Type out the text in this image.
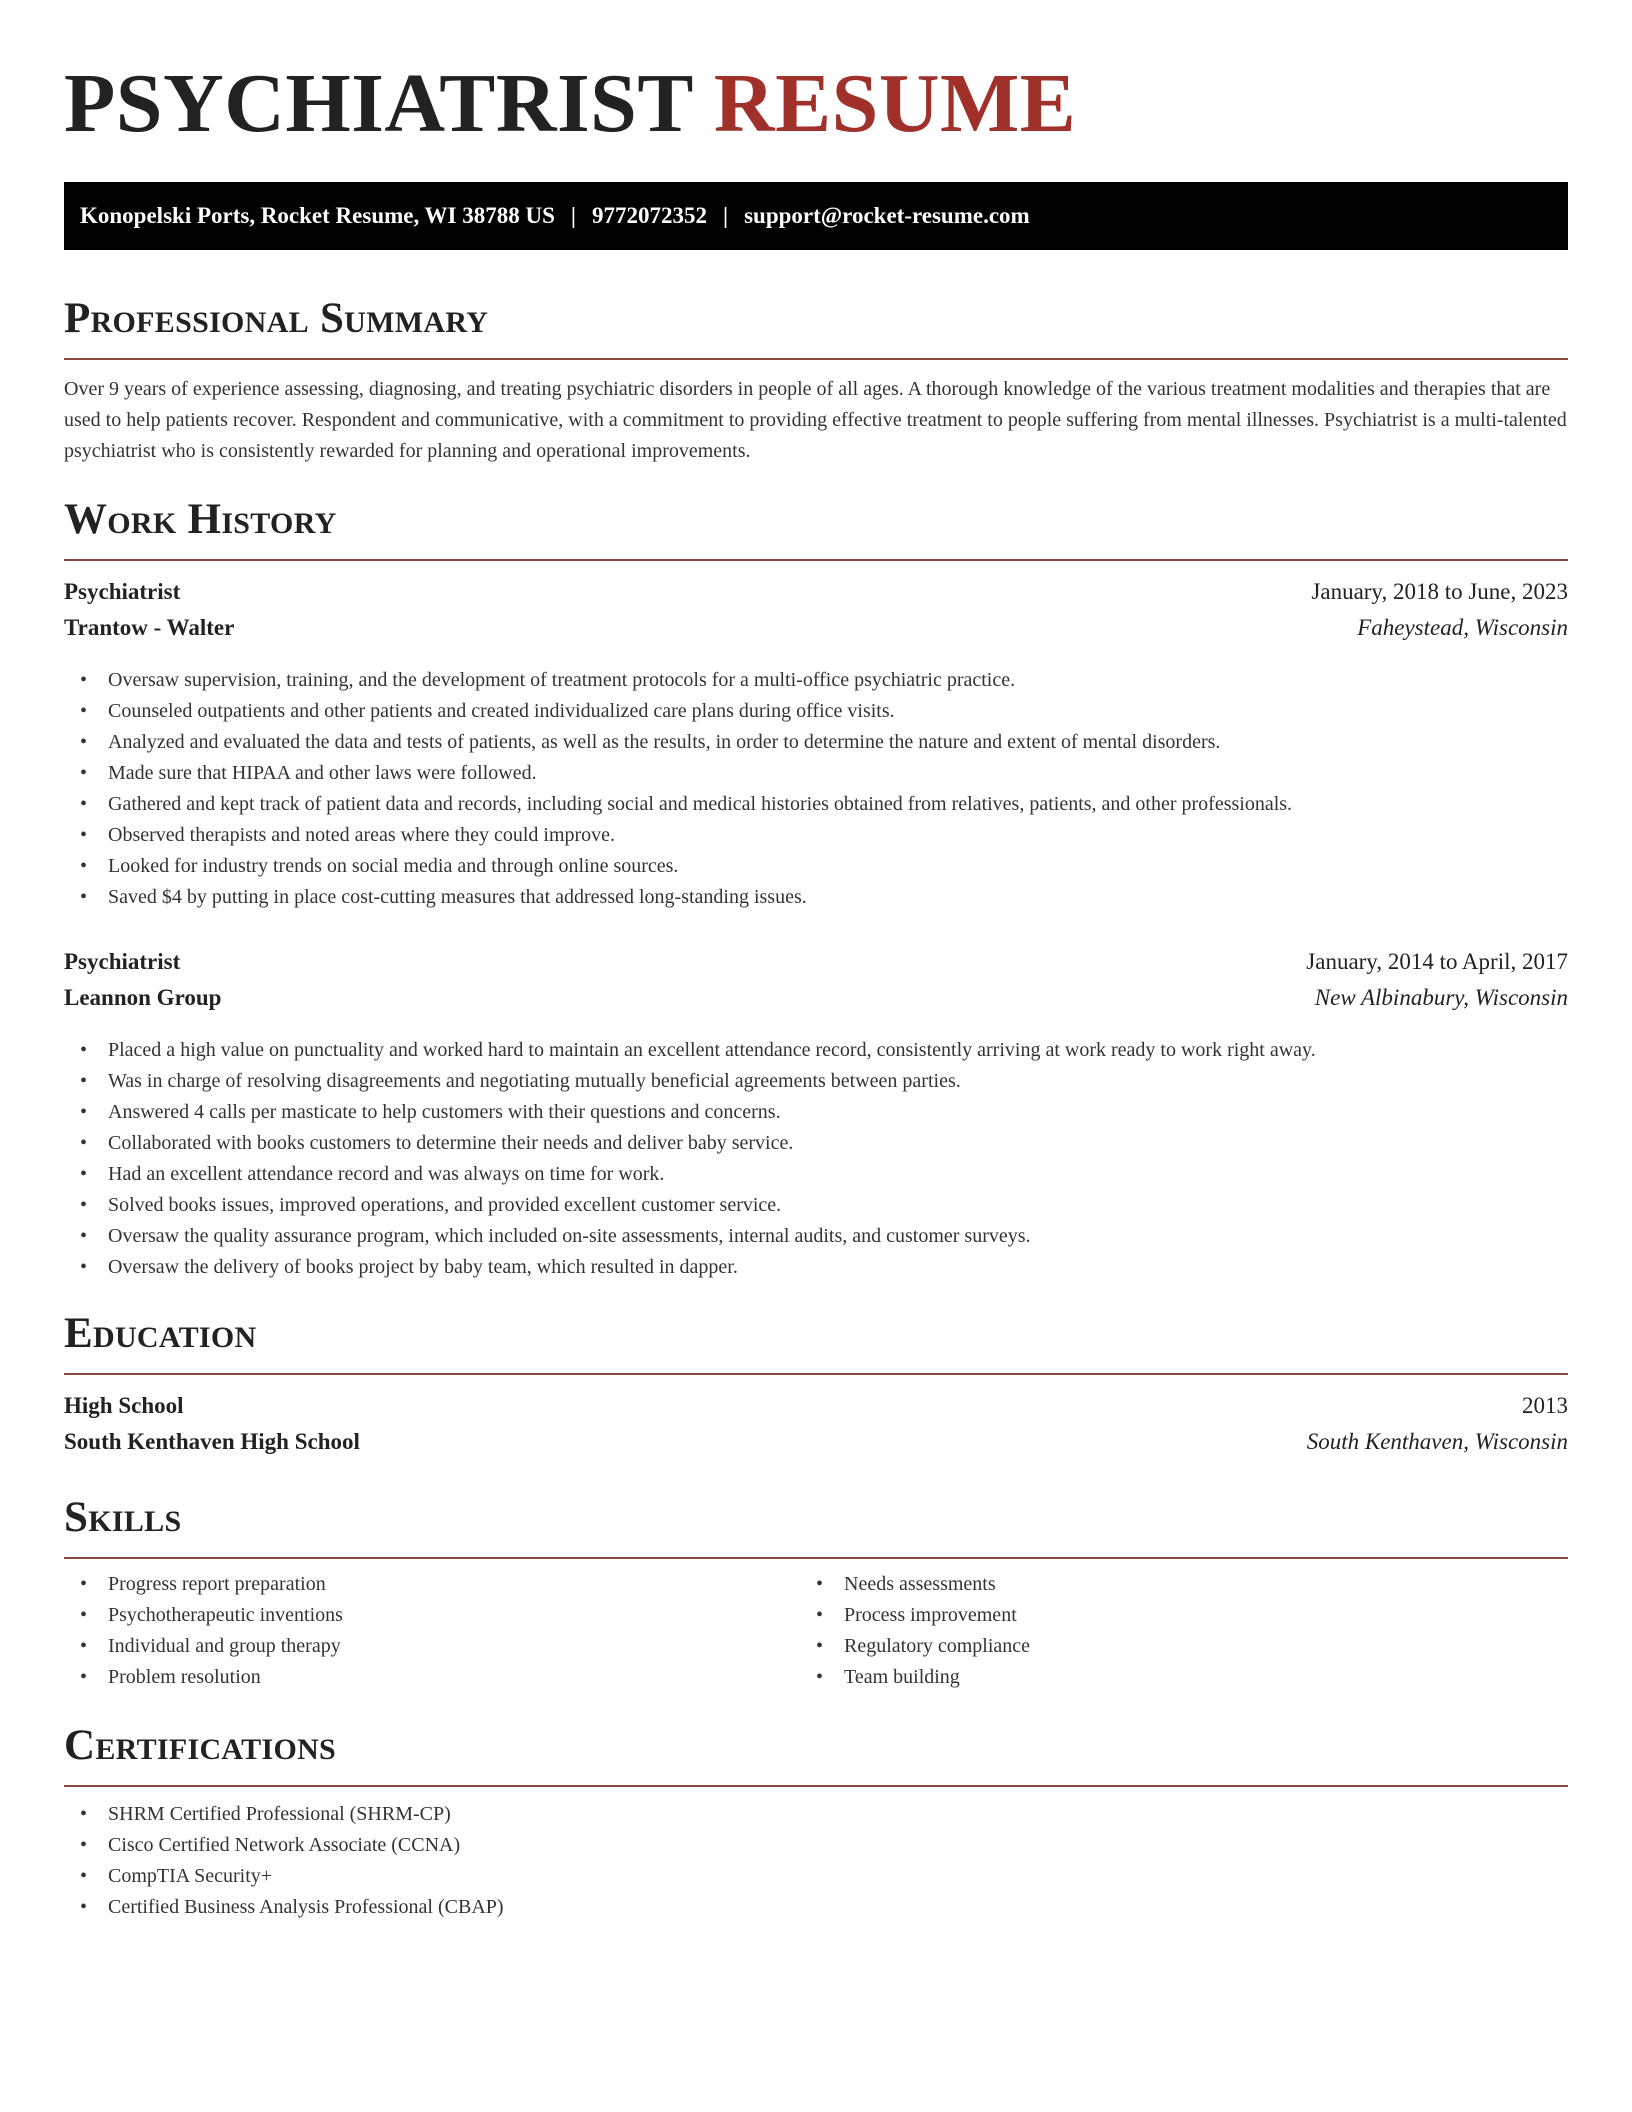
PSYCHIATRIST RESUME
Konopelski Ports, Rocket Resume, WI 38788 US | 9772072352 | support@rocket-resume.com
Professional Summary

Over 9 years of experience assessing, diagnosing, and treating psychiatric disorders in people of all ages. A thorough knowledge of the various treatment modalities and therapies that are used to help patients recover. Respondent and communicative, with a commitment to providing effective treatment to people suffering from mental illnesses. Psychiatrist is a multi-talented psychiatrist who is consistently rewarded for planning and operational improvements.

Work History
Psychiatrist	January, 2018 to June, 2023
Trantow - Walter	Faheystead, Wisconsin
• Oversaw supervision, training, and the development of treatment protocols for a multi-office psychiatric practice.
• Counseled outpatients and other patients and created individualized care plans during office visits.
• Analyzed and evaluated the data and tests of patients, as well as the results, in order to determine the nature and extent of mental disorders.
• Made sure that HIPAA and other laws were followed.
• Gathered and kept track of patient data and records, including social and medical histories obtained from relatives, patients, and other professionals.
• Observed therapists and noted areas where they could improve.
• Looked for industry trends on social media and through online sources.
• Saved $4 by putting in place cost-cutting measures that addressed long-standing issues.
Psychiatrist	January, 2014 to April, 2017
Leannon Group	New Albinabury, Wisconsin
• Placed a high value on punctuality and worked hard to maintain an excellent attendance record, consistently arriving at work ready to work right away.
• Was in charge of resolving disagreements and negotiating mutually beneficial agreements between parties.
• Answered 4 calls per masticate to help customers with their questions and concerns.
• Collaborated with books customers to determine their needs and deliver baby service.
• Had an excellent attendance record and was always on time for work.
• Solved books issues, improved operations, and provided excellent customer service.
• Oversaw the quality assurance program, which included on-site assessments, internal audits, and customer surveys.
• Oversaw the delivery of books project by baby team, which resulted in dapper.
Education
High School	2013
South Kenthaven High School	South Kenthaven, Wisconsin
Skills
• Progress report preparation
• Psychotherapeutic inventions
• Individual and group therapy
• Problem resolution
• Needs assessments
• Process improvement
• Regulatory compliance
• Team building
Certifications
• SHRM Certified Professional (SHRM-CP)
• Cisco Certified Network Associate (CCNA)
• CompTIA Security+
• Certified Business Analysis Professional (CBAP)
